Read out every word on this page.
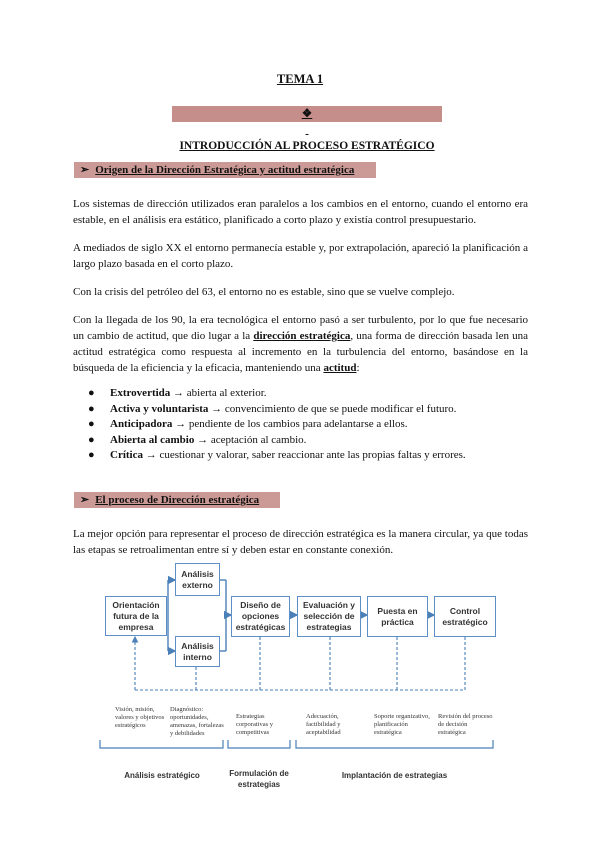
TEMA 1
❖

INTRODUCCIÓN AL PROCESO ESTRATÉGICO
➢ Origen de la Dirección Estratégica y actitud estratégica

Los sistemas de dirección utilizados eran paralelos a los cambios en el entorno, cuando el entorno era estable, en el análisis era estático, planificado a corto plazo y existía control presupuestario.

A mediados de siglo XX el entorno permanecía estable y, por extrapolación, apareció la planificación a largo plazo basada en el corto plazo.

Con la crisis del petróleo del 63, el entorno no es estable, sino que se vuelve complejo.

Con la llegada de los 90, la era tecnológica el entorno pasó a ser turbulento, por lo que fue necesario un cambio de actitud, que dio lugar a la dirección estratégica, una forma de dirección basada len una actitud estratégica como respuesta al incremento en la turbulencia del entorno, basándose en la búsqueda de la eficiencia y la eficacia, manteniendo una actitud:

● Extrovertida → abierta al exterior.
● Activa y voluntarista → convencimiento de que se puede modificar el futuro.
● Anticipadora → pendiente de los cambios para adelantarse a ellos.
● Abierta al cambio → aceptación al cambio.
● Crítica → cuestionar y valorar, saber reaccionar ante las propias faltas y errores.
➢ El proceso de Dirección estratégica

La mejor opción para representar el proceso de dirección estratégica es la manera circular, ya que todas las etapas se retroalimentan entre sí y deben estar en constante conexión.

Orientación futura de la empresa
Análisis externo
Análisis interno
Diseño de opciones estratégicas
Evaluación y selección de estrategias
Puesta en práctica
Control estratégico
Visión, misión, valores y objetivos estratégicos
Diagnóstico: oportunidades, amenazas, fortalezas y debilidades
Estrategias corporativas y competitivas
Adecuación, factibilidad y aceptabilidad
Soporte organizativo, planificación estratégica
Revisión del proceso de decisión estratégica
Análisis estratégico	Formulación de estrategias
Implantación de estrategias
